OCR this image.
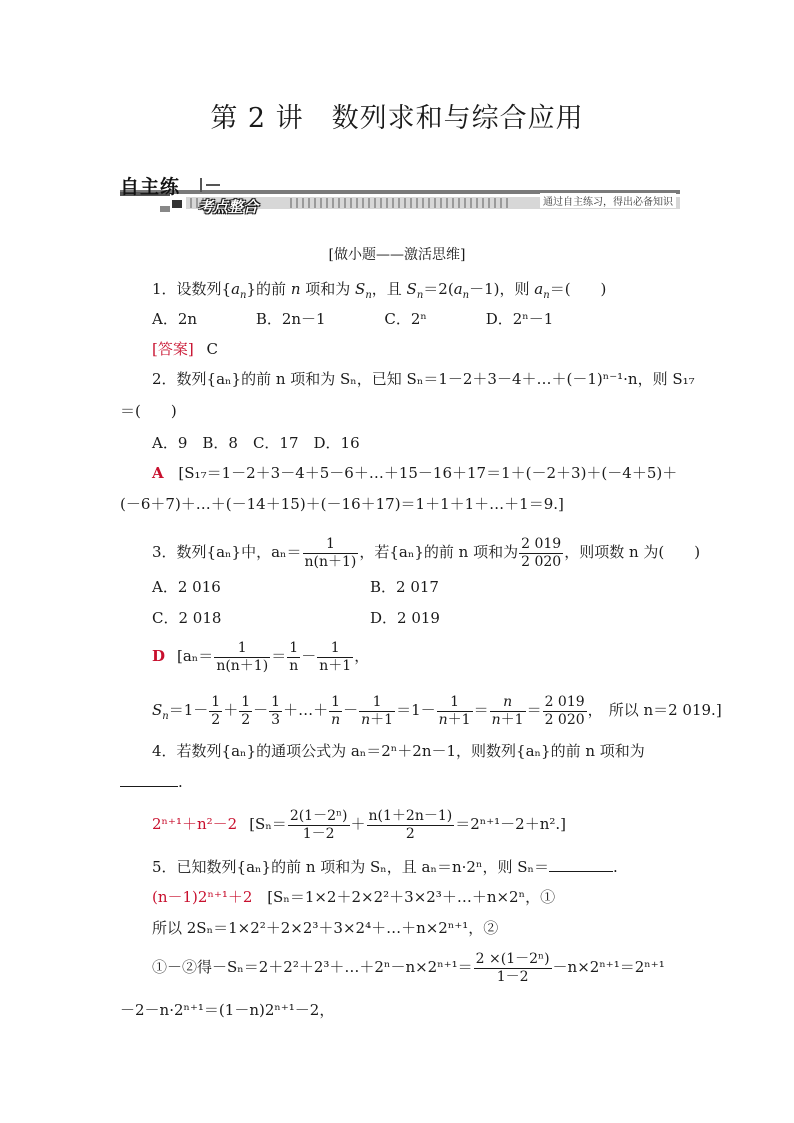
第 2 讲　数列求和与综合应用
自主练
考点整合	通过自主练习，得出必备知识
[做小题——激活思维]
1．设数列$\{a_n\}$的前 n 项和为 $S_n$，且 $S_n=2(a_n-1)$，则 $a_n=$(　　)
A．2n	B．2n－1	C．2ⁿ	D．2ⁿ－1
[答案] C
2．数列{aₙ}的前 n 项和为 Sₙ，已知 Sₙ＝1－2＋3－4＋…＋(－1)ⁿ⁻¹·n，则 S₁₇
＝(　　)
A．9　B．8　C．17　D．16
A [S₁₇＝1－2＋3－4＋5－6＋…＋15－16＋17＝1＋(－2＋3)＋(－4＋5)＋
(－6＋7)＋…＋(－14＋15)＋(－16＋17)＝1＋1＋1＋…＋1＝9.]
3．数列{aₙ}中，$a_n= \frac{1}{n(n+1)}$ ，若{aₙ}的前 n 项和为 $\frac{2 019}{2 020}$ ，则项数 n 为(　　)
A．2 016	B．2 017
C．2 018	D．2 019
D [$a_n= \frac{1}{n(n+1)} = \frac{1}{n} - \frac{1}{n+1}$ ，
$S_n=1- \frac{1}{2} + \frac{1}{2} - \frac{1}{3}$ ＋…＋ $\frac{1}{n} - \frac{1}{n+1} =1- \frac{1}{n+1} = \frac{n}{n+1} = \frac{2 019}{2 020}$ ， 所以 n＝2 019.]
4．若数列{aₙ}的通项公式为 aₙ＝2ⁿ＋2n－1，则数列{aₙ}的前 n 项和为
.
2ⁿ⁺¹＋n²－2 $[S_n= \frac{\text{2(1－2ⁿ)}}{1-2} + \frac{n(1+2n-1)}{2} =2^{n+1}-2+n^2.]$
5．已知数列{aₙ}的前 n 项和为 Sₙ，且 aₙ＝n·2ⁿ，则 Sₙ＝	.
(n－1)2ⁿ⁺¹＋2 [Sₙ＝1×2＋2×2²＋3×2³＋…＋n×2ⁿ，①
所以 2Sₙ＝1×2²＋2×2³＋3×2⁴＋…＋n×2ⁿ⁺¹，②
①－②得－Sₙ＝2＋2²＋2³＋…＋2ⁿ－n×2ⁿ⁺¹＝ $\frac{\text{2 ×(1－2ⁿ)}}{1-2} -n\times 2^{n+1}=2^{n+1}$
－2－n·2ⁿ⁺¹＝(1－n)2ⁿ⁺¹－2，
